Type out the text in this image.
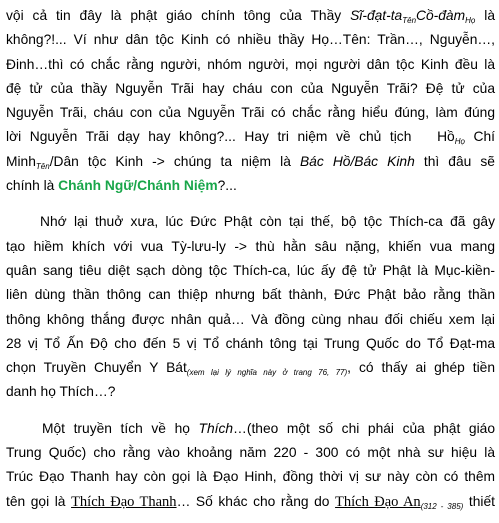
vội cả tin đây là phật giáo chính tông của Thầy $Sĩ-đạt-ta_{Tên}Cồ-đàm_{Họ}$ là
không?!... Ví như dân tộc Kinh có nhiều thầy Họ…Tên: Trần…, Nguyễn…,
Đinh…thì có chắc rằng người, nhóm người, mọi người dân tộc Kinh đều là
đệ tử của thầy Nguyễn Trãi hay cháu con của Nguyễn Trãi? Đệ tử của
Nguyễn Trãi, cháu con của Nguyễn Trãi có chắc rằng hiểu đúng, làm đúng
lời Nguyễn Trãi dạy hay không?... Hay tri niệm về chủ tịch Hồ$_{Họ}$ Chí
Minh$_{Tên}$/Dân tộc Kinh -> chúng ta niệm là Bác Hồ/Bác Kinh thì đâu sẽ
chính là Chánh Ngữ/Chánh Niệm?...
Nhớ lại thuở xưa, lúc Đức Phật còn tại thế, bộ tộc Thích-ca đã gây
tạo hiềm khích với vua Tỳ-lưu-ly -> thù hằn sâu nặng, khiến vua mang
quân sang tiêu diệt sạch dòng tộc Thích-ca, lúc ấy đệ tử Phật là Mục-kiền-
liên dùng thần thông can thiệp nhưng bất thành, Đức Phật bảo rằng thần
thông không thắng được nhân quả… Và đồng cùng nhau đối chiếu xem lại
28 vị Tổ Ấn Độ cho đến 5 vị Tổ chánh tông tại Trung Quốc do Tổ Đạt-ma
chọn Truyền Chuyển Y Bát$_{(xem lại lý nghĩa này ở trang 76, 77)}$, có thấy ai ghép tiền
danh họ Thích…?
Một truyền tích về họ Thích…(theo một số chi phái của phật giáo
Trung Quốc) cho rằng vào khoảng năm 220 - 300 có một nhà sư hiệu là
Trúc Đạo Thanh hay còn gọi là Đạo Hinh, đồng thời vị sư này còn có thêm
tên gọi là Thích Đạo Thanh… Số khác cho rằng do Thích Đạo $An_{(312 - 385)}$ thiết
